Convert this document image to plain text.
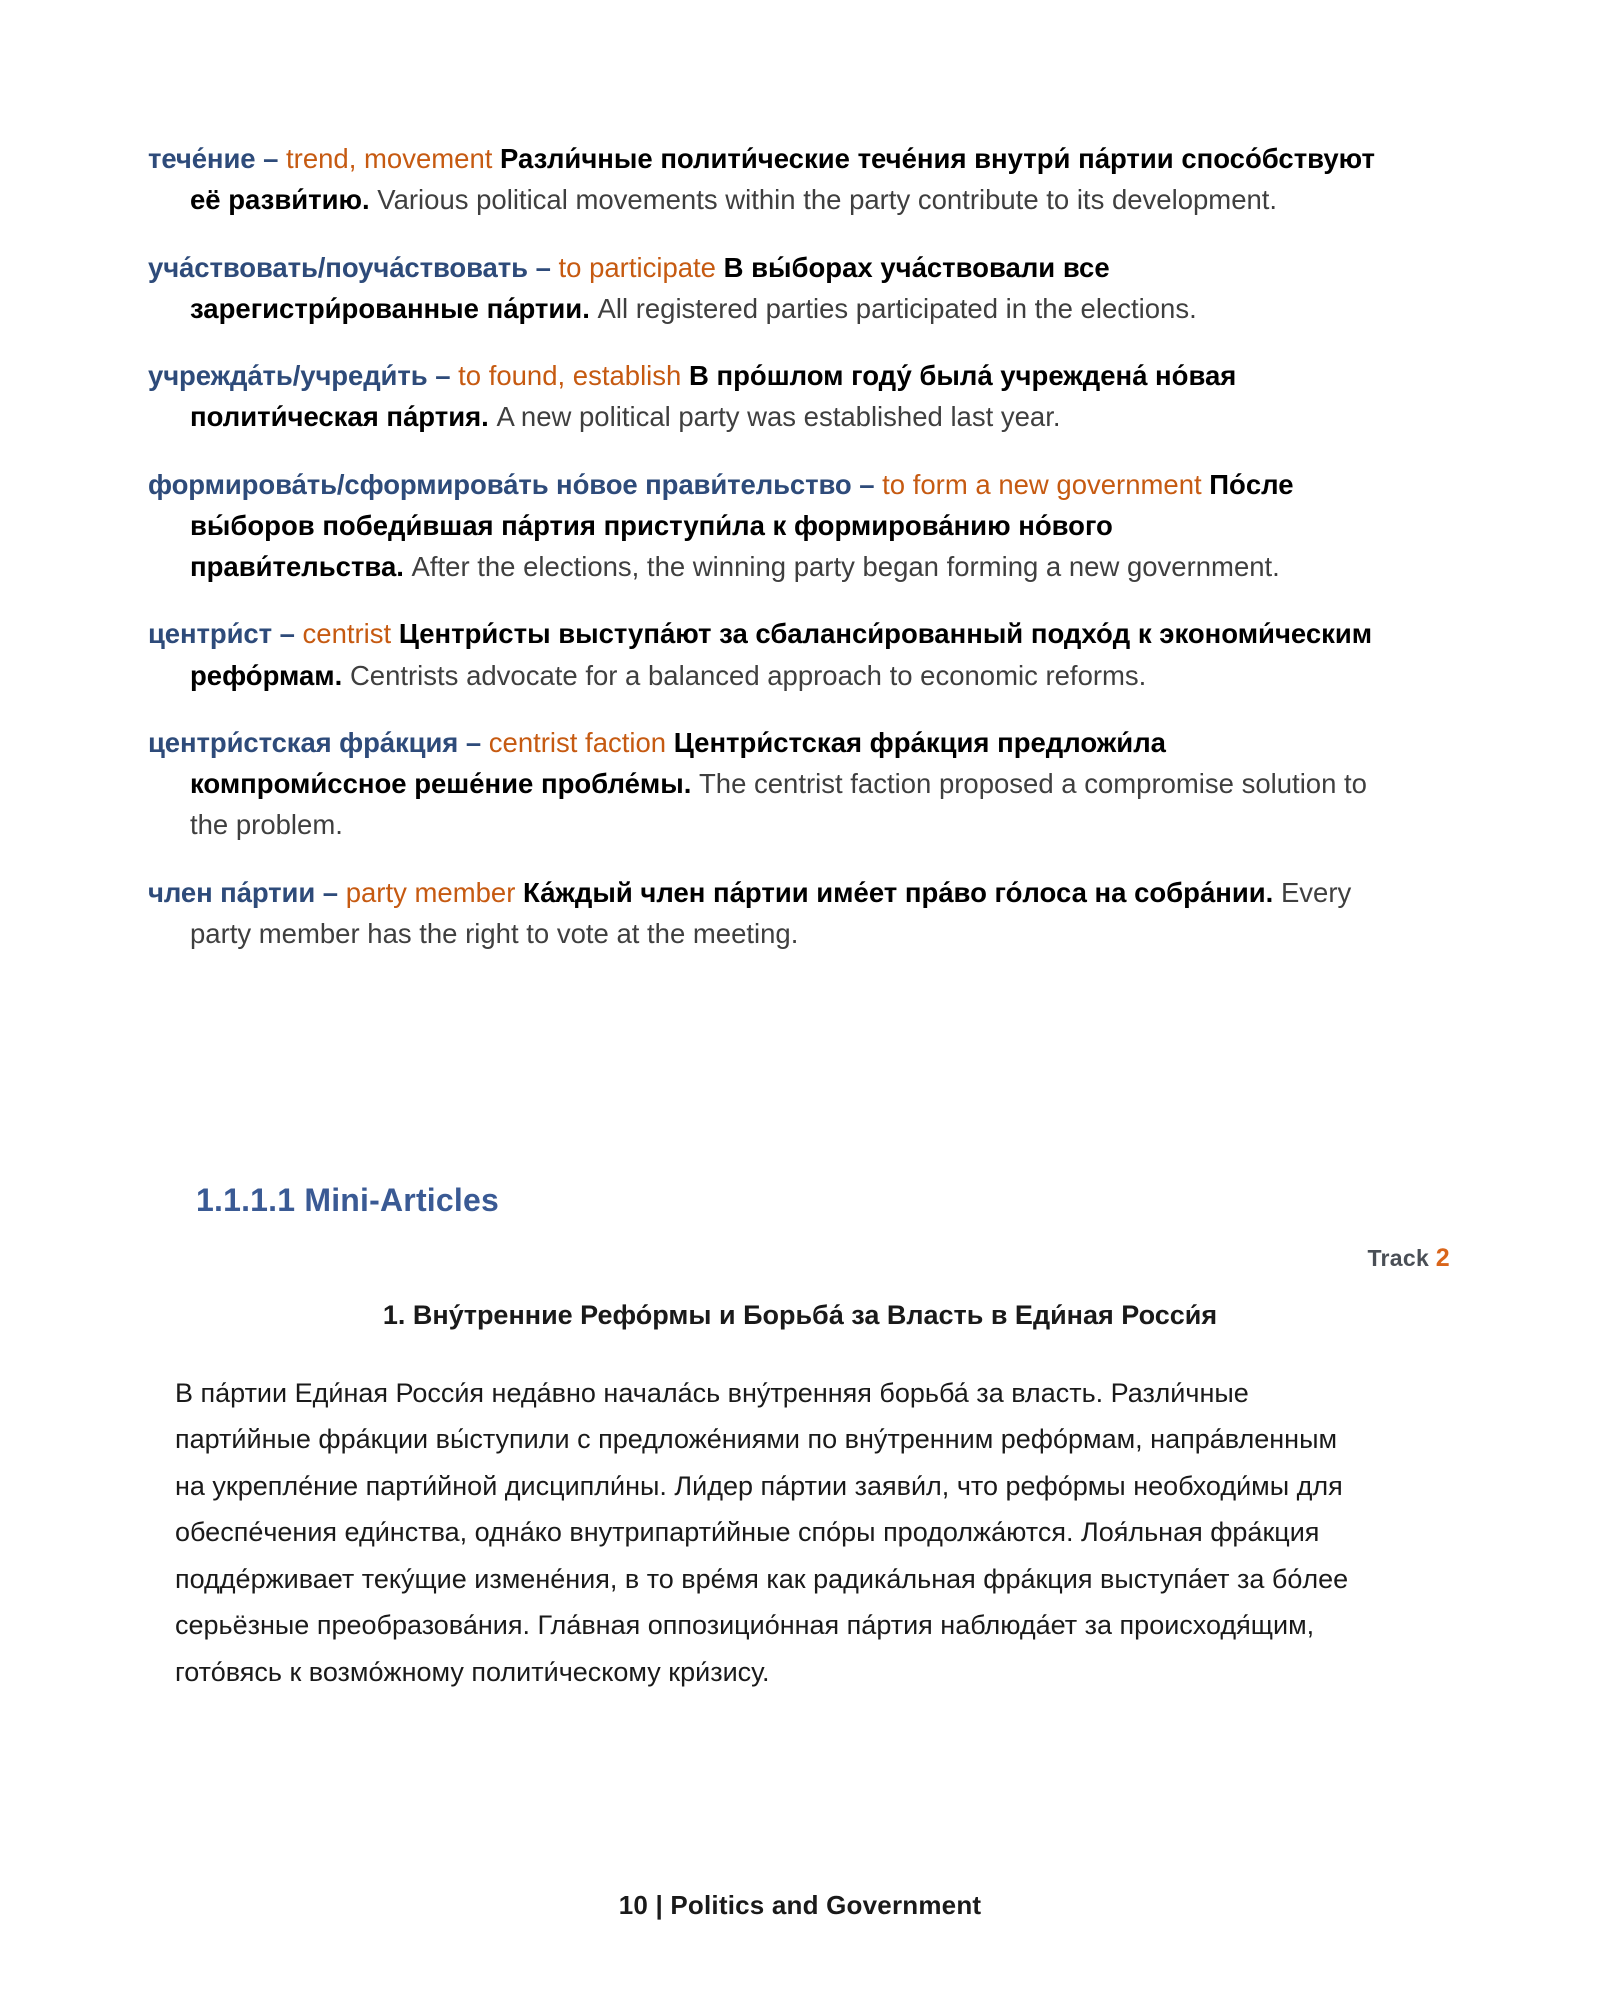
тече́ние – trend, movement Разли́чные полити́ческие тече́ния внутри́ па́ртии спосо́бствуют её разви́тию. Various political movements within the party contribute to its development.

уча́ствовать/поуча́ствовать – to participate В вы́борах уча́ствовали все зарегистри́рованные па́ртии. All registered parties participated in the elections.

учрежда́ть/учреди́ть – to found, establish В про́шлом году́ была́ учреждена́ но́вая полити́ческая па́ртия. A new political party was established last year.

формирова́ть/сформирова́ть но́вое прави́тельство – to form a new government По́сле вы́боров победи́вшая па́ртия приступи́ла к формирова́нию но́вого прави́тельства. After the elections, the winning party began forming a new government.

центри́ст – centrist Центри́сты выступа́ют за сбаланси́рованный подхо́д к экономи́ческим рефо́рмам. Centrists advocate for a balanced approach to economic reforms.

центри́стская фра́кция – centrist faction Центри́стская фра́кция предложи́ла компроми́ссное реше́ние пробле́мы. The centrist faction proposed a compromise solution to the problem.

член па́ртии – party member Ка́ждый член па́ртии име́ет пра́во го́лоса на собра́нии. Every party member has the right to vote at the meeting.

1.1.1.1 Mini-Articles
Track 2
1. Вну́тренние Рефо́рмы и Борьба́ за Власть в Еди́ная Росси́я
В па́ртии Еди́ная Росси́я неда́вно начала́сь вну́тренняя борьба́ за власть. Разли́чные парти́йные фра́кции вы́ступили с предложе́ниями по вну́тренним рефо́рмам, напра́вленным на укрепле́ние парти́йной дисципли́ны. Ли́дер па́ртии заяви́л, что рефо́рмы необходи́мы для обеспе́чения еди́нства, одна́ко внутрипарти́йные спо́ры продолжа́ются. Лоя́льная фра́кция подде́рживает теку́щие измене́ния, в то вре́мя как радика́льная фра́кция выступа́ет за бо́лее серьёзные преобразова́ния. Гла́вная оппозицио́нная па́ртия наблюда́ет за происходя́щим, гото́вясь к возмо́жному полити́ческому кри́зису.
10 | Politics and Government
